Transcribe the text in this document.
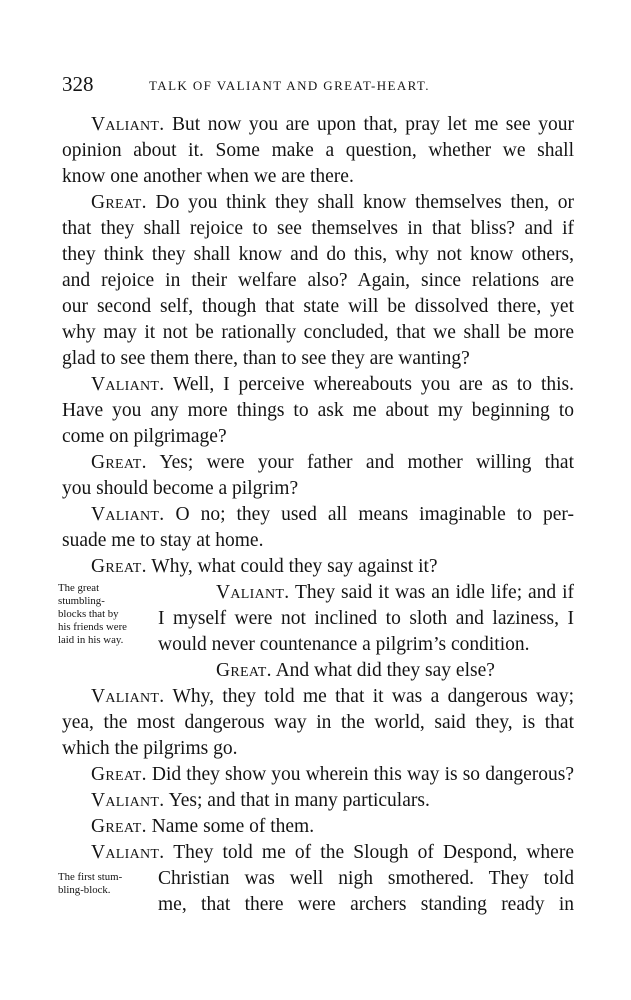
328	TALK OF VALIANT AND GREAT-HEART.
Valiant. But now you are upon that, pray let me see your
opinion about it. Some make a question, whether we shall
know one another when we are there.
Great. Do you think they shall know themselves then, or
that they shall rejoice to see themselves in that bliss? and if
they think they shall know and do this, why not know others,
and rejoice in their welfare also? Again, since relations are
our second self, though that state will be dissolved there, yet
why may it not be rationally concluded, that we shall be more
glad to see them there, than to see they are wanting?
Valiant. Well, I perceive whereabouts you are as to this.
Have you any more things to ask me about my beginning to
come on pilgrimage?
Great. Yes; were your father and mother willing that
you should become a pilgrim?
Valiant. O no; they used all means imaginable to per-
suade me to stay at home.
Great. Why, what could they say against it?
Valiant. They said it was an idle life; and if
I myself were not inclined to sloth and laziness, I
would never countenance a pilgrim’s condition.
Great. And what did they say else?
Valiant. Why, they told me that it was a dangerous way;
yea, the most dangerous way in the world, said they, is that
which the pilgrims go.
Great. Did they show you wherein this way is so dangerous?
Valiant. Yes; and that in many particulars.
Great. Name some of them.
Valiant. They told me of the Slough of Despond, where
Christian was well nigh smothered. They told
me, that there were archers standing ready in
The great
stumbling-
blocks that by
his friends were
laid in his way.
The first stum-
bling-block.
